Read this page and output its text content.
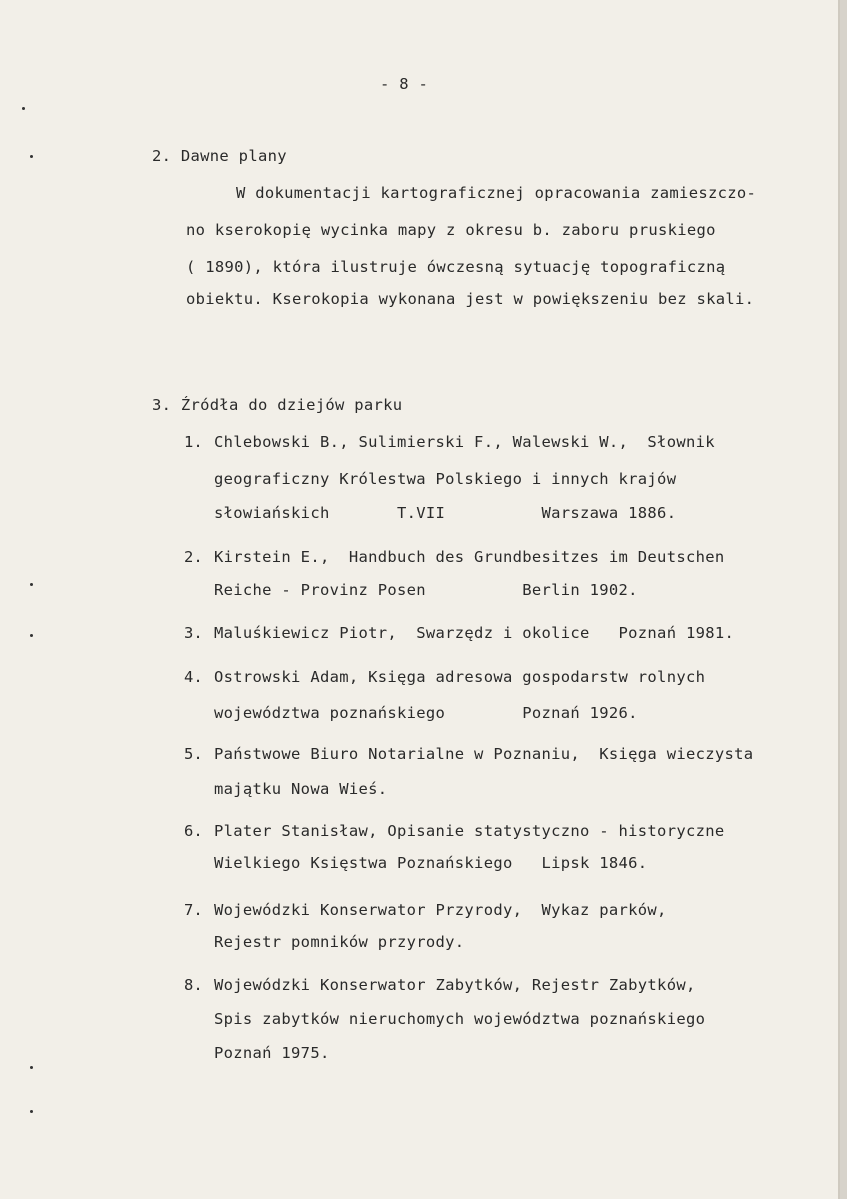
- 8 -
2. Dawne plany
W dokumentacji kartograficznej opracowania zamieszczo-
no kserokopię wycinka mapy z okresu b. zaboru pruskiego
( 1890), która ilustruje ówczesną sytuację topograficzną
obiektu. Kserokopia wykonana jest w powiększeniu bez skali.
3. Źródła do dziejów parku
1. Chlebowski B., Sulimierski F., Walewski W.,  Słownik
geograficzny Królestwa Polskiego i innych krajów
słowiańskich       T.VII          Warszawa 1886.
2. Kirstein E.,  Handbuch des Grundbesitzes im Deutschen
Reiche - Provinz Posen          Berlin 1902.
3. Maluśkiewicz Piotr,  Swarzędz i okolice   Poznań 1981.
4. Ostrowski Adam, Księga adresowa gospodarstw rolnych
województwa poznańskiego        Poznań 1926.
5. Państwowe Biuro Notarialne w Poznaniu,  Księga wieczysta
majątku Nowa Wieś.
6. Plater Stanisław, Opisanie statystyczno - historyczne
Wielkiego Księstwa Poznańskiego   Lipsk 1846.
7. Wojewódzki Konserwator Przyrody,  Wykaz parków,
Rejestr pomników przyrody.
8. Wojewódzki Konserwator Zabytków, Rejestr Zabytków,
Spis zabytków nieruchomych województwa poznańskiego
Poznań 1975.
